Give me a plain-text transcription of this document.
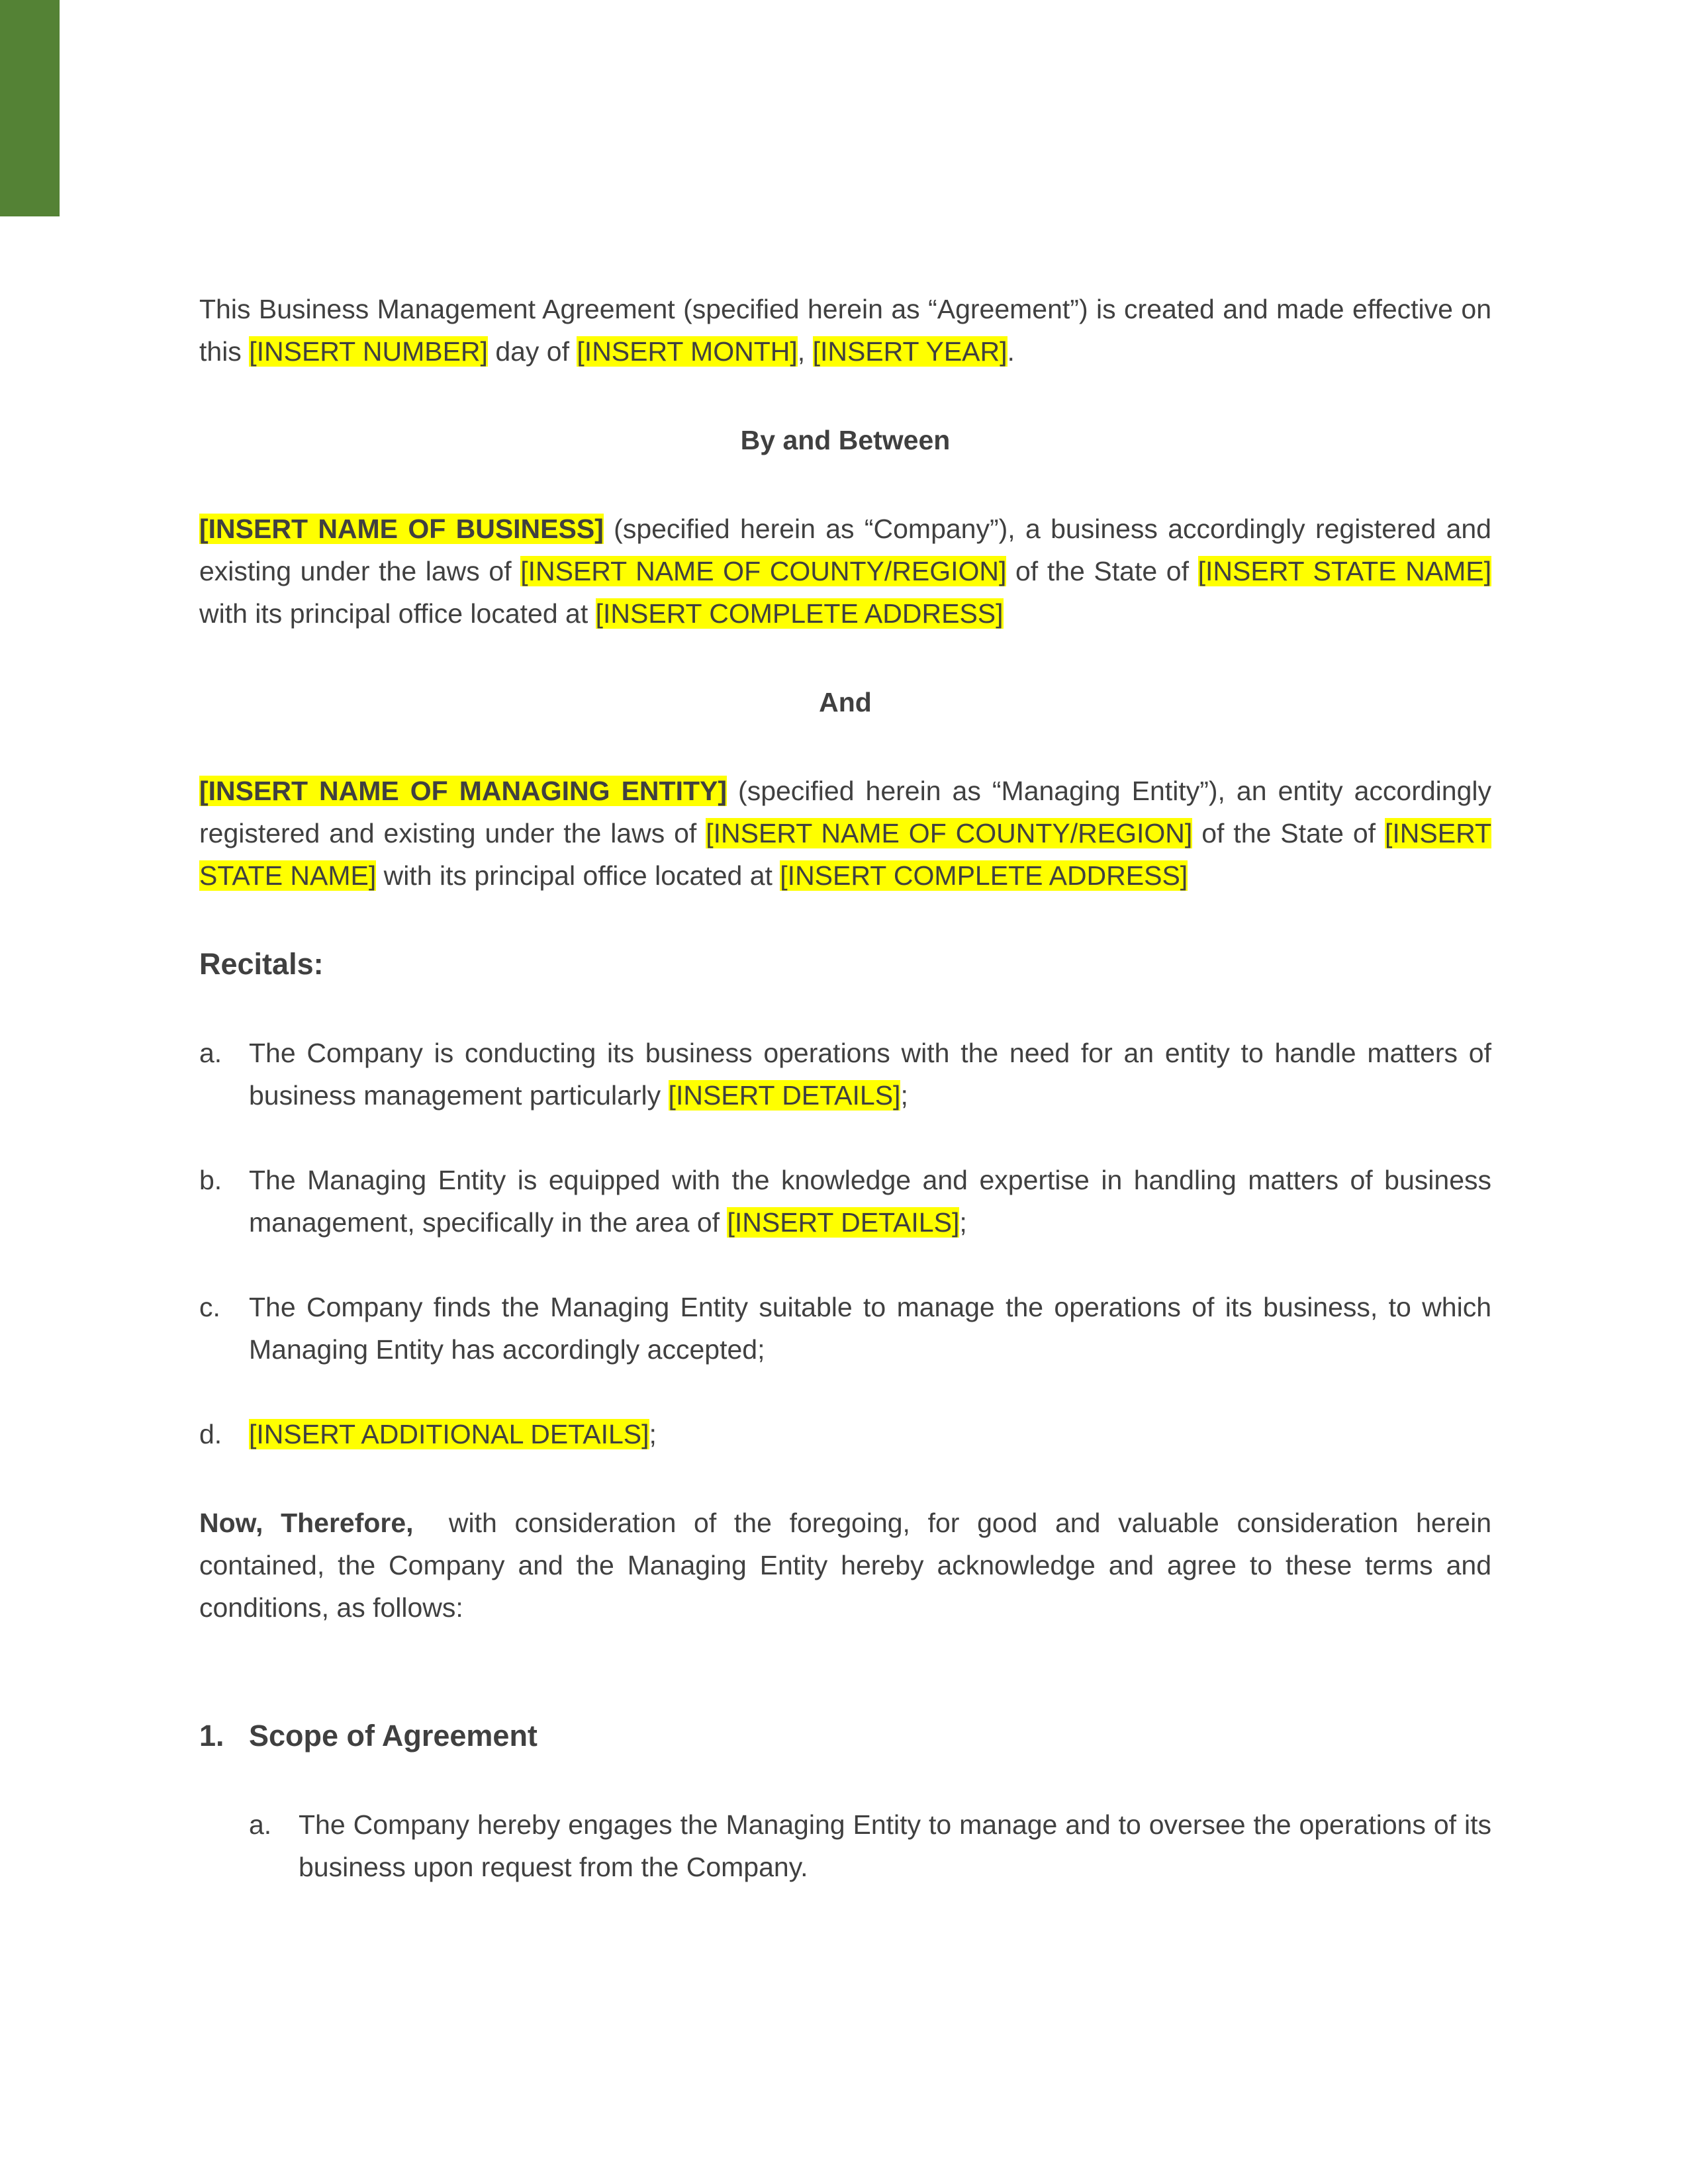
This Business Management Agreement (specified herein as “Agreement”) is created and made effective on this [INSERT NUMBER] day of [INSERT MONTH], [INSERT YEAR].

By and Between

[INSERT NAME OF BUSINESS] (specified herein as “Company”), a business accordingly registered and existing under the laws of [INSERT NAME OF COUNTY/REGION] of the State of [INSERT STATE NAME] with its principal office located at [INSERT COMPLETE ADDRESS]

And

[INSERT NAME OF MANAGING ENTITY] (specified herein as “Managing Entity”), an entity accordingly registered and existing under the laws of [INSERT NAME OF COUNTY/REGION] of the State of [INSERT STATE NAME] with its principal office located at [INSERT COMPLETE ADDRESS]

Recitals:

a. The Company is conducting its business operations with the need for an entity to handle matters of business management particularly [INSERT DETAILS];
b. The Managing Entity is equipped with the knowledge and expertise in handling matters of business management, specifically in the area of [INSERT DETAILS];
c.	The Company finds the Managing Entity suitable to manage the operations of its business, to which Managing Entity has accordingly accepted;
d. [INSERT ADDITIONAL DETAILS];

Now, Therefore,  with consideration of the foregoing, for good and valuable consideration herein contained, the Company and the Managing Entity hereby acknowledge and agree to these terms and conditions, as follows:

1. Scope of Agreement
a. The Company hereby engages the Managing Entity to manage and to oversee the operations of its business upon request from the Company.
